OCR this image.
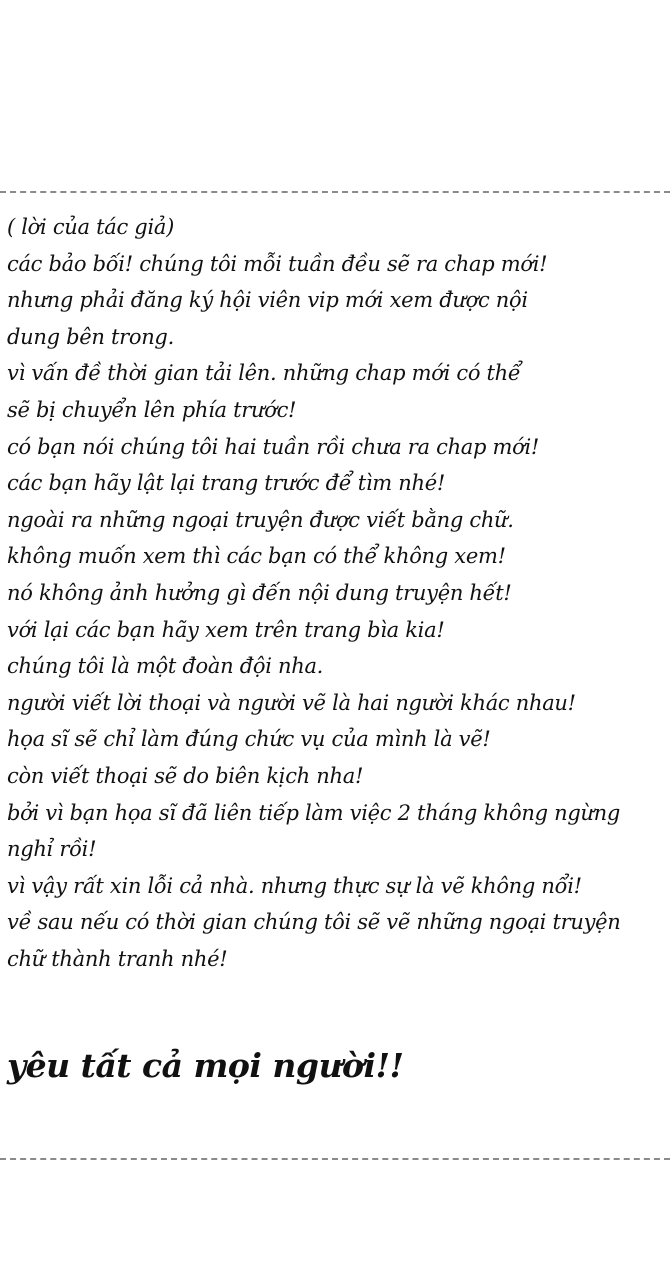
( lời của tác giả)
các bảo bối! chúng tôi mỗi tuần đều sẽ ra chap mới!
nhưng phải đăng ký hội viên vip mới xem được nội
dung bên trong.
vì vấn đề thời gian tải lên. những chap mới có thể
sẽ bị chuyển lên phía trước!
có bạn nói chúng tôi hai tuần rồi chưa ra chap mới!
các bạn hãy lật lại trang trước để tìm nhé!
ngoài ra những ngoại truyện được viết bằng chữ.
không muốn xem thì các bạn có thể không xem!
nó không ảnh hưởng gì đến nội dung truyện hết!
với lại các bạn hãy xem trên trang bìa kia!
chúng tôi là một đoàn đội nha.
người viết lời thoại và người vẽ là hai người khác nhau!
họa sĩ sẽ chỉ làm đúng chức vụ của mình là vẽ!
còn viết thoại sẽ do biên kịch nha!
bởi vì bạn họa sĩ đã liên tiếp làm việc 2 tháng không ngừng
nghỉ rồi!
vì vậy rất xin lỗi cả nhà. nhưng thực sự là vẽ không nổi!
về sau nếu có thời gian chúng tôi sẽ vẽ những ngoại truyện
chữ thành tranh nhé!
yêu tất cả mọi người!!
